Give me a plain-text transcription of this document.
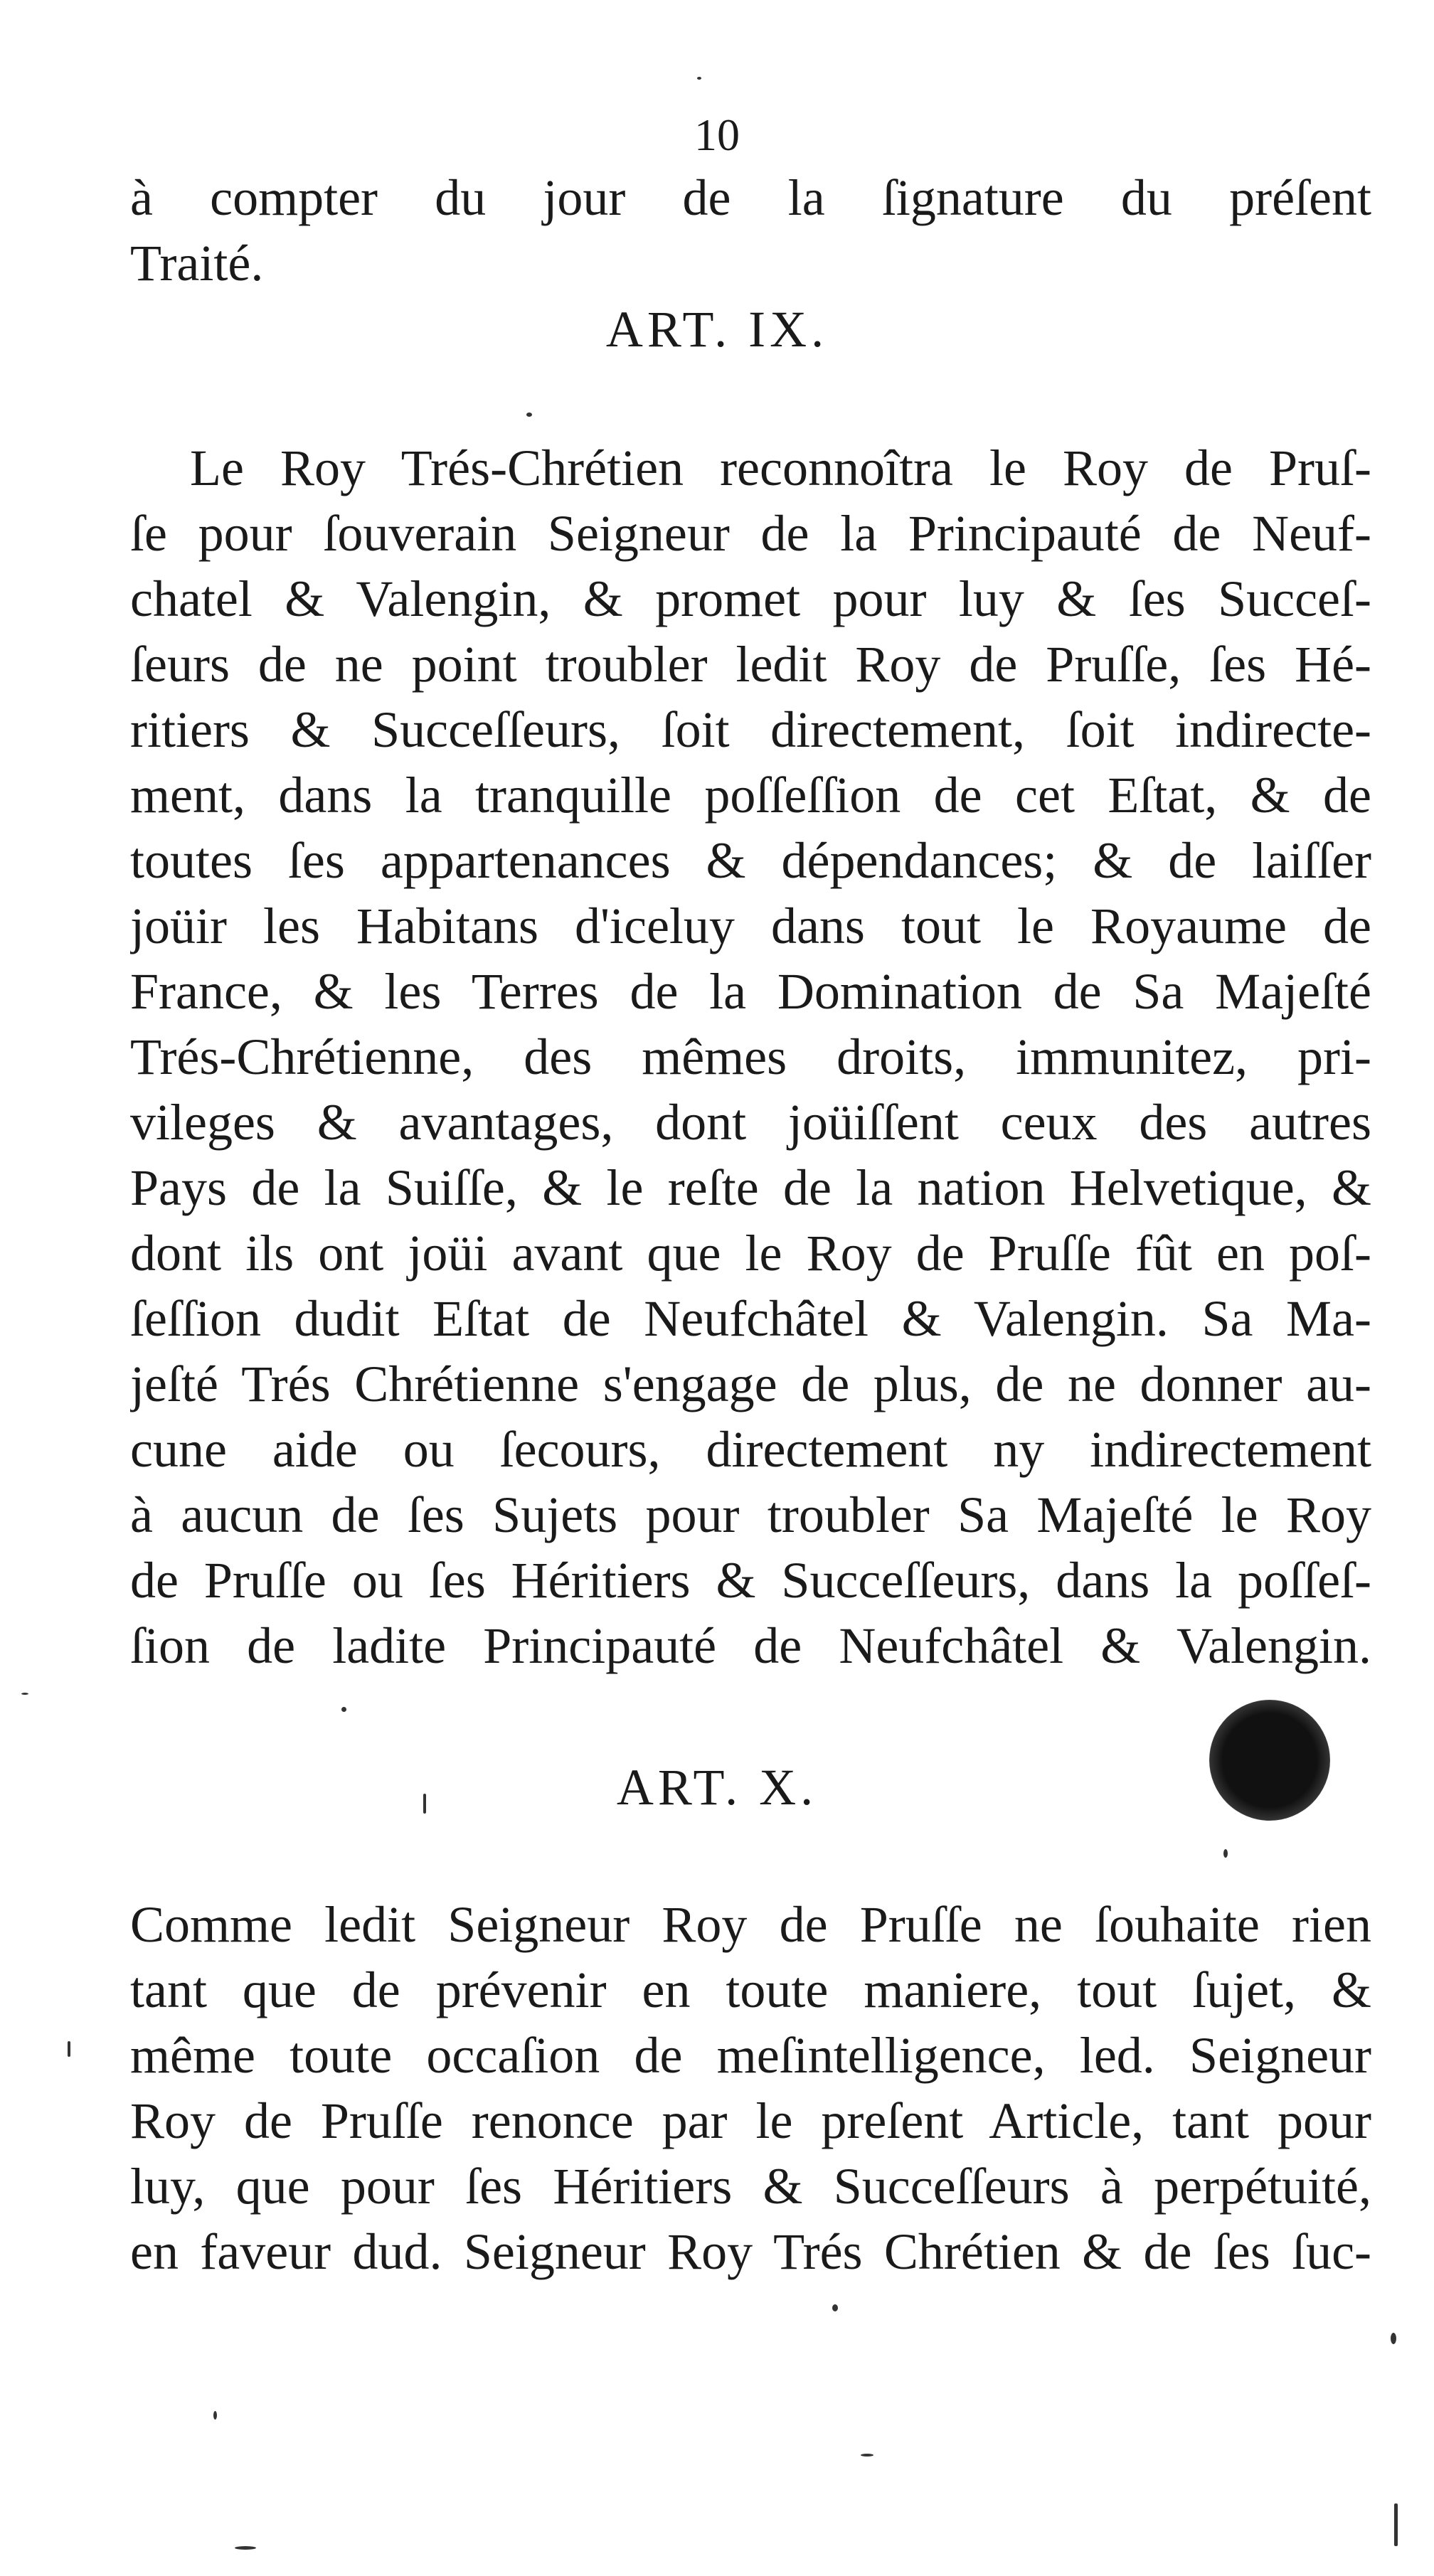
10
à compter du jour de la ſignature du préſent
Traité.
ART. IX.
Le Roy Trés-Chrétien reconnoîtra le Roy de Pruſ-
ſe pour ſouverain Seigneur de la Principauté de Neuf-
chatel & Valengin, & promet pour luy & ſes Succeſ-
ſeurs de ne point troubler ledit Roy de Pruſſe, ſes Hé-
ritiers & Succeſſeurs, ſoit directement, ſoit indirecte-
ment, dans la tranquille poſſeſſion de cet Eſtat, & de
toutes ſes appartenances & dépendances; & de laiſſer
joüir les Habitans d'iceluy dans tout le Royaume de
France, & les Terres de la Domination de Sa Majeſté
Trés-Chrétienne, des mêmes droits, immunitez, pri-
vileges & avantages, dont joüiſſent ceux des autres
Pays de la Suiſſe, & le reſte de la nation Helvetique, &
dont ils ont joüi avant que le Roy de Pruſſe fût en poſ-
ſeſſion dudit Eſtat de Neufchâtel & Valengin. Sa Ma-
jeſté Trés Chrétienne s'engage de plus, de ne donner au-
cune aide ou ſecours, directement ny indirectement
à aucun de ſes Sujets pour troubler Sa Majeſté le Roy
de Pruſſe ou ſes Héritiers & Succeſſeurs, dans la poſſeſ-
ſion de ladite Principauté de Neufchâtel & Valengin.
ART. X.
Comme ledit Seigneur Roy de Pruſſe ne ſouhaite rien
tant que de prévenir en toute maniere, tout ſujet, &
même toute occaſion de meſintelligence, led. Seigneur
Roy de Pruſſe renonce par le preſent Article, tant pour
luy, que pour ſes Héritiers & Succeſſeurs à perpétuité,
en faveur dud. Seigneur Roy Trés Chrétien & de ſes ſuc-
